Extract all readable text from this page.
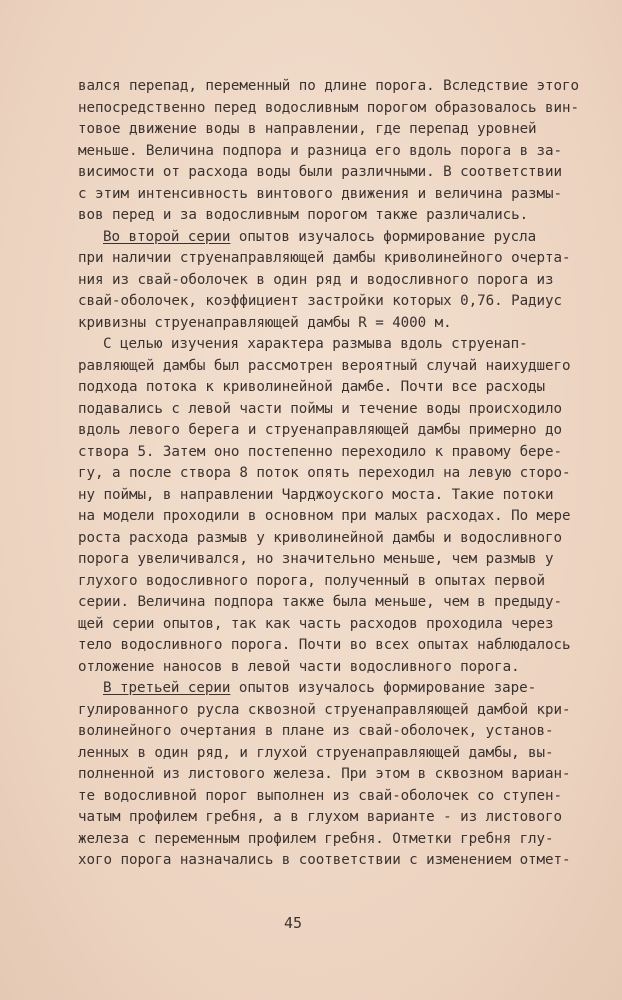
вался перепад, переменный по длине порога. Вследствие этого
непосредственно перед водосливным порогом образовалось вин-
товое движение воды в направлении, где перепад уровней
меньше. Величина подпора и разница его вдоль порога в за-
висимости от расхода воды были различными. В соответствии
с этим интенсивность винтового движения и величина размы-
вов перед и за водосливным порогом также различались.
Во второй серии опытов изучалось формирование русла
при наличии струенаправляющей дамбы криволинейного очерта-
ния из свай-оболочек в один ряд и водосливного порога из
свай-оболочек, коэффициент застройки которых 0,76. Радиус
кривизны струенаправляющей дамбы R = 4000 м.
С целью изучения характера размыва вдоль струенап-
равляющей дамбы был рассмотрен вероятный случай наихудшего
подхода потока к криволинейной дамбе. Почти все расходы
подавались с левой части поймы и течение воды происходило
вдоль левого берега и струенаправляющей дамбы примерно до
створа 5. Затем оно постепенно переходило к правому бере-
гу, а после створа 8 поток опять переходил на левую сторо-
ну поймы, в направлении Чарджоуского моста. Такие потоки
на модели проходили в основном при малых расходах. По мере
роста расхода размыв у криволинейной дамбы и водосливного
порога увеличивался, но значительно меньше, чем размыв у
глухого водосливного порога, полученный в опытах первой
серии. Величина подпора также была меньше, чем в предыду-
щей серии опытов, так как часть расходов проходила через
тело водосливного порога. Почти во всех опытах наблюдалось
отложение наносов в левой части водосливного порога.
В третьей серии опытов изучалось формирование заре-
гулированного русла сквозной струенаправляющей дамбой кри-
волинейного очертания в плане из свай-оболочек, установ-
ленных в один ряд, и глухой струенаправляющей дамбы, вы-
полненной из листового железа. При этом в сквозном вариан-
те водосливной порог выполнен из свай-оболочек со ступен-
чатым профилем гребня, а в глухом варианте - из листового
железа с переменным профилем гребня. Отметки гребня глу-
хого порога назначались в соответствии с изменением отмет-
45
